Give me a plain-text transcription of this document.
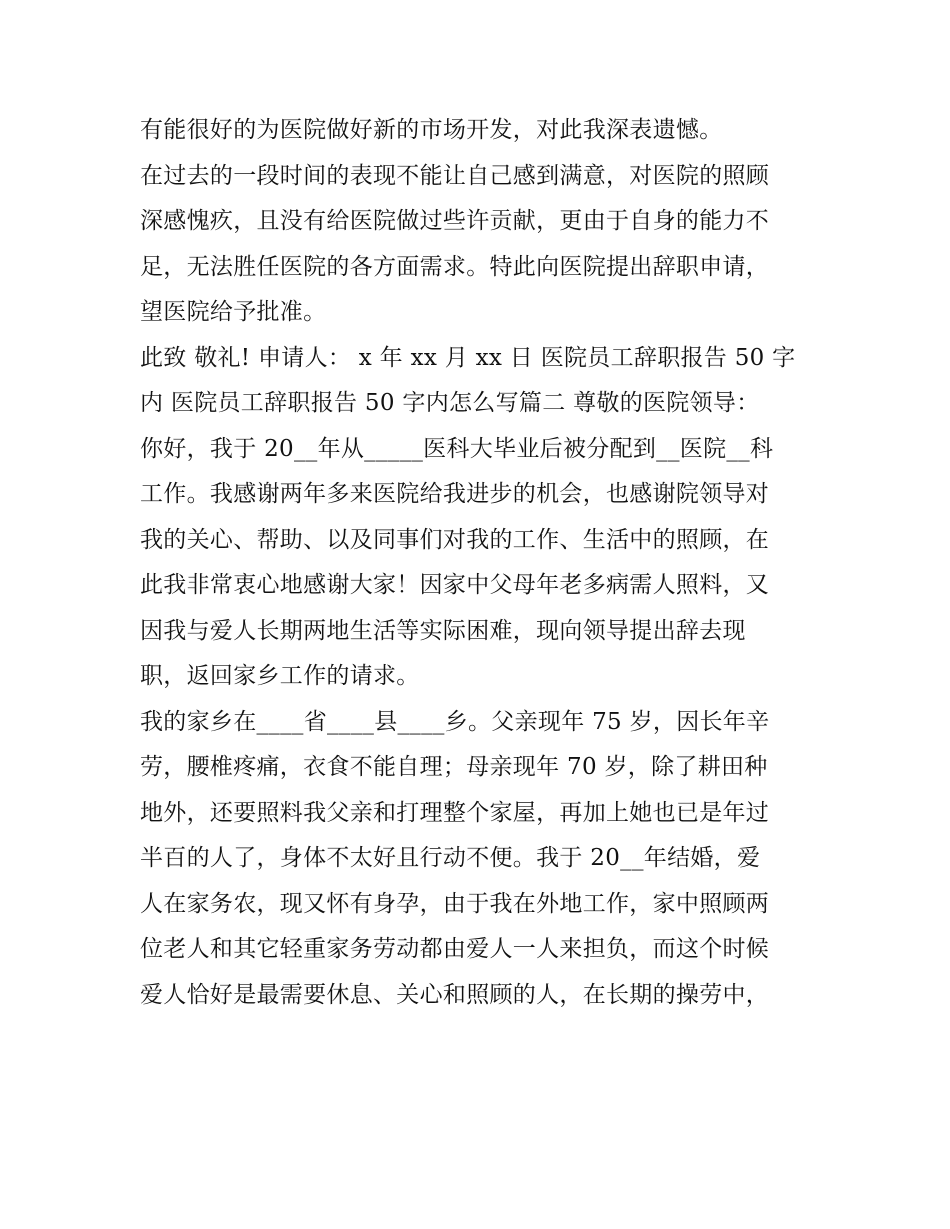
有能很好的为医院做好新的市场开发，对此我深表遗憾。
在过去的一段时间的表现不能让自己感到满意，对医院的照顾
深感愧疚，且没有给医院做过些许贡献，更由于自身的能力不
足，无法胜任医院的各方面需求。特此向医院提出辞职申请，
望医院给予批准。
此致 敬礼! 申请人： x 年 xx 月 xx 日 医院员工辞职报告 50 字
内 医院员工辞职报告 50 字内怎么写篇二 尊敬的医院领导：
你好，我于 20__年从_____医科大毕业后被分配到__医院__科
工作。我感谢两年多来医院给我进步的机会，也感谢院领导对
我的关心、帮助、以及同事们对我的工作、生活中的照顾，在
此我非常衷心地感谢大家！因家中父母年老多病需人照料，又
因我与爱人长期两地生活等实际困难，现向领导提出辞去现
职，返回家乡工作的请求。
我的家乡在____省____县____乡。父亲现年 75 岁，因长年辛
劳，腰椎疼痛，衣食不能自理；母亲现年 70 岁，除了耕田种
地外，还要照料我父亲和打理整个家屋，再加上她也已是年过
半百的人了，身体不太好且行动不便。我于 20__年结婚，爱
人在家务农，现又怀有身孕，由于我在外地工作，家中照顾两
位老人和其它轻重家务劳动都由爱人一人来担负，而这个时候
爱人恰好是最需要休息、关心和照顾的人，在长期的操劳中，
